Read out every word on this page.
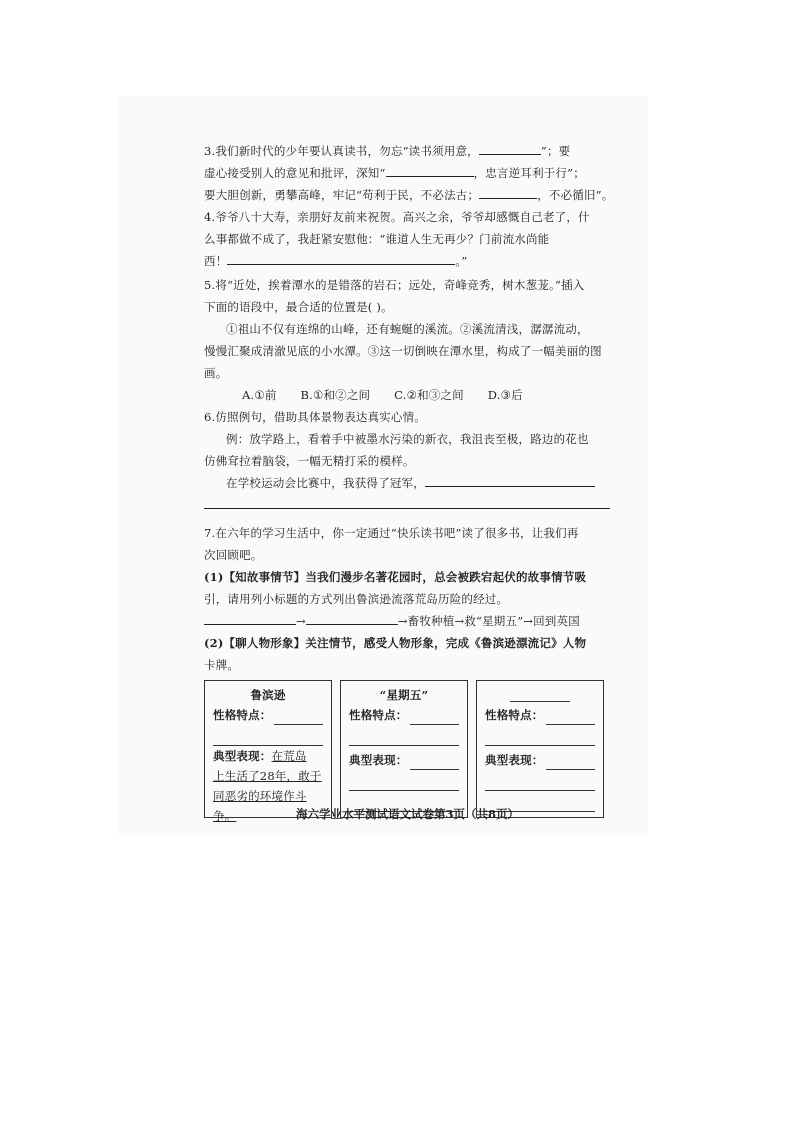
3.我们新时代的少年要认真读书，勿忘“读书须用意，	”；要

虚心接受别人的意见和批评，深知“	，忠言逆耳利于行”；

要大胆创新，勇攀高峰，牢记“苟利于民，不必法古；	，不必循旧”。

4.爷爷八十大寿，亲朋好友前来祝贺。高兴之余，爷爷却感慨自己老了，什

么事都做不成了，我赶紧安慰他：“谁道人生无再少？门前流水尚能

西！	。”

5.将“近处，挨着潭水的是错落的岩石；远处，奇峰竞秀，树木葱茏。”插入

下面的语段中，最合适的位置是( )。

①祖山不仅有连绵的山峰，还有蜿蜒的溪流。②溪流清浅，潺潺流动，

慢慢汇聚成清澈见底的小水潭。③这一切倒映在潭水里，构成了一幅美丽的图

画。

A.①前 B.①和②之间 C.②和③之间 D.③后

6.仿照例句，借助具体景物表达真实心情。

例：放学路上，看着手中被墨水污染的新衣，我沮丧至极，路边的花也

仿佛耷拉着脑袋，一幅无精打采的模样。

在学校运动会比赛中，我获得了冠军，

7.在六年的学习生活中，你一定通过“快乐读书吧”读了很多书，让我们再

次回顾吧。

(1)【知故事情节】当我们漫步名著花园时，总会被跌宕起伏的故事情节吸

引，请用列小标题的方式列出鲁滨逊流落荒岛历险的经过。

→	→畜牧种植→救“星期五”→回到英国

(2)【聊人物形象】关注情节，感受人物形象，完成《鲁滨逊漂流记》人物

卡牌。

鲁滨逊
性格特点：
典型表现：在荒岛
上生活了28年，敢于
同恶劣的环境作斗
争。
“星期五”
性格特点：
典型表现：
性格特点：
典型表现：
海六学业水平测试语文试卷第3页（共8页）
